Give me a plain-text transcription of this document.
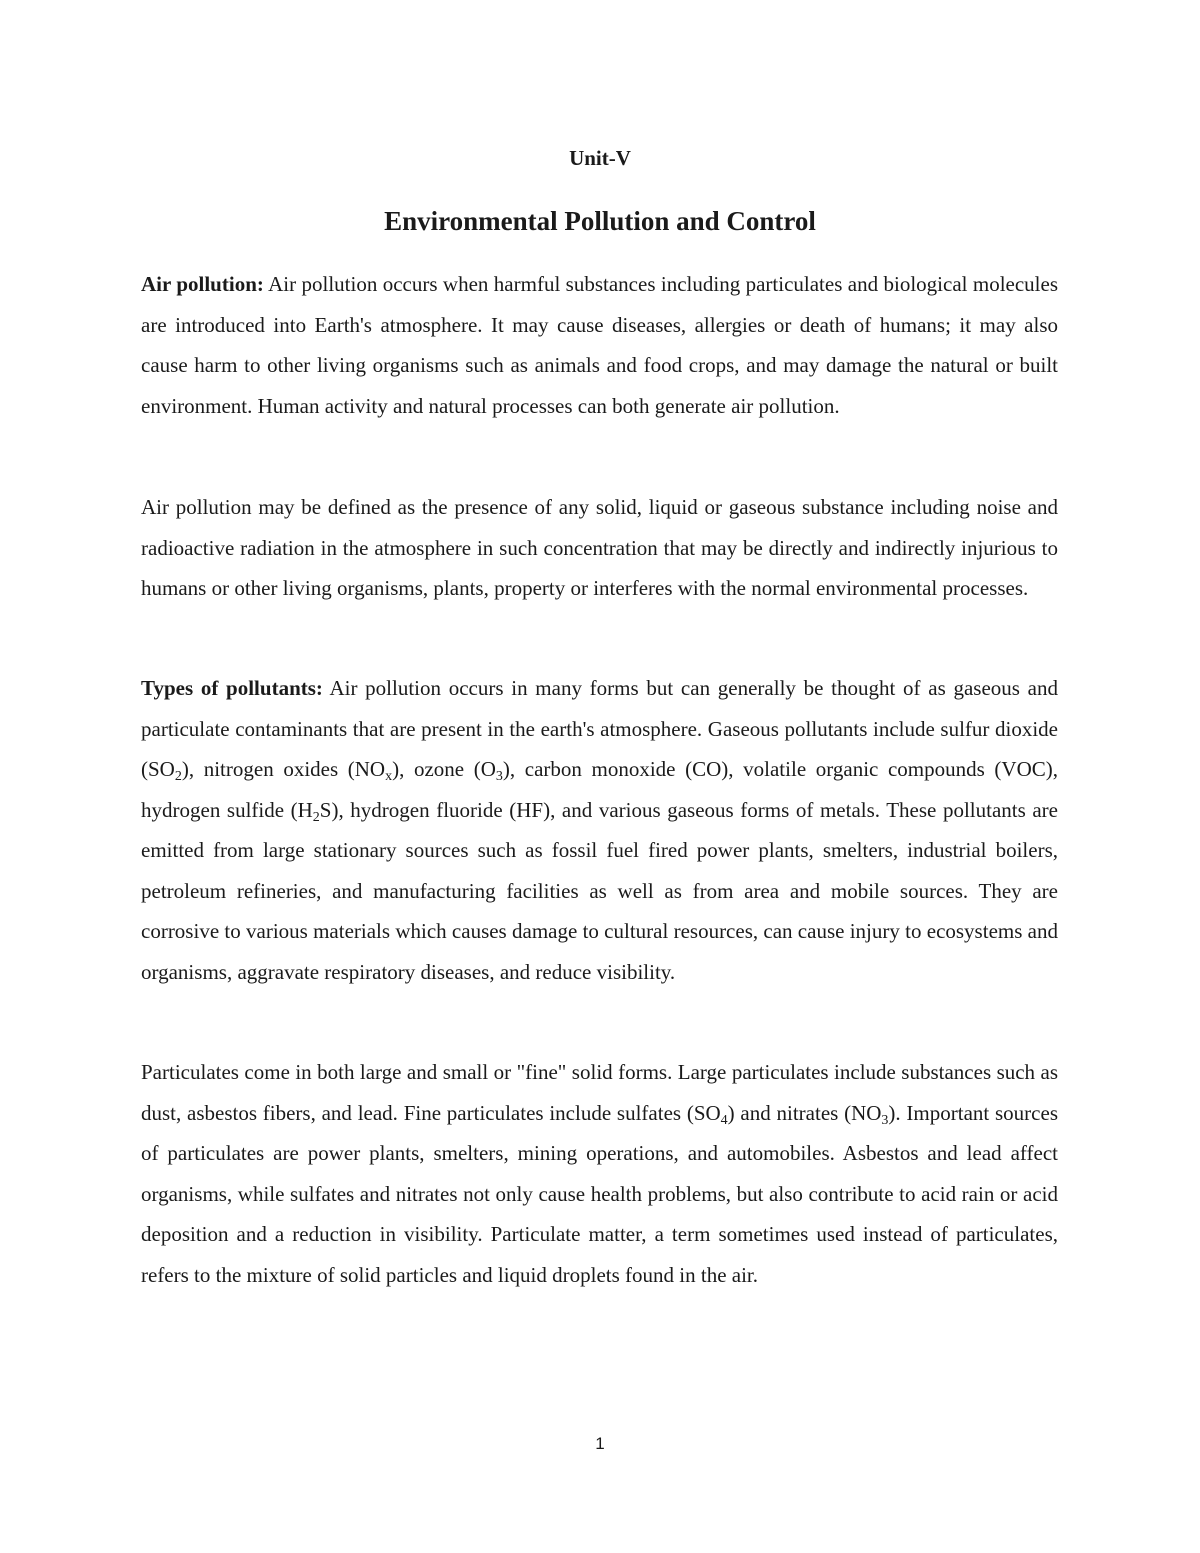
Unit-V
Environmental Pollution and Control

Air pollution: Air pollution occurs when harmful substances including particulates and biological molecules are introduced into Earth's atmosphere. It may cause diseases, allergies or death of humans; it may also cause harm to other living organisms such as animals and food crops, and may damage the natural or built environment. Human activity and natural processes can both generate air pollution.

Air pollution may be defined as the presence of any solid, liquid or gaseous substance including noise and radioactive radiation in the atmosphere in such concentration that may be directly and indirectly injurious to humans or other living organisms, plants, property or interferes with the normal environmental processes.

Types of pollutants: Air pollution occurs in many forms but can generally be thought of as gaseous and particulate contaminants that are present in the earth's atmosphere. Gaseous pollutants include sulfur dioxide $(SO_2)$, nitrogen oxides $(NO_x)$, ozone $(O_3)$, carbon monoxide (CO), volatile organic compounds (VOC), hydrogen sulfide $(H_2S)$, hydrogen fluoride (HF), and various gaseous forms of metals. These pollutants are emitted from large stationary sources such as fossil fuel fired power plants, smelters, industrial boilers, petroleum refineries, and manufacturing facilities as well as from area and mobile sources. They are corrosive to various materials which causes damage to cultural resources, can cause injury to ecosystems and organisms, aggravate respiratory diseases, and reduce visibility.

Particulates come in both large and small or "fine" solid forms. Large particulates include substances such as dust, asbestos fibers, and lead. Fine particulates include sulfates $(SO_4)$ and nitrates $(NO_3)$. Important sources of particulates are power plants, smelters, mining operations, and automobiles. Asbestos and lead affect organisms, while sulfates and nitrates not only cause health problems, but also contribute to acid rain or acid deposition and a reduction in visibility. Particulate matter, a term sometimes used instead of particulates, refers to the mixture of solid particles and liquid droplets found in the air.

1
